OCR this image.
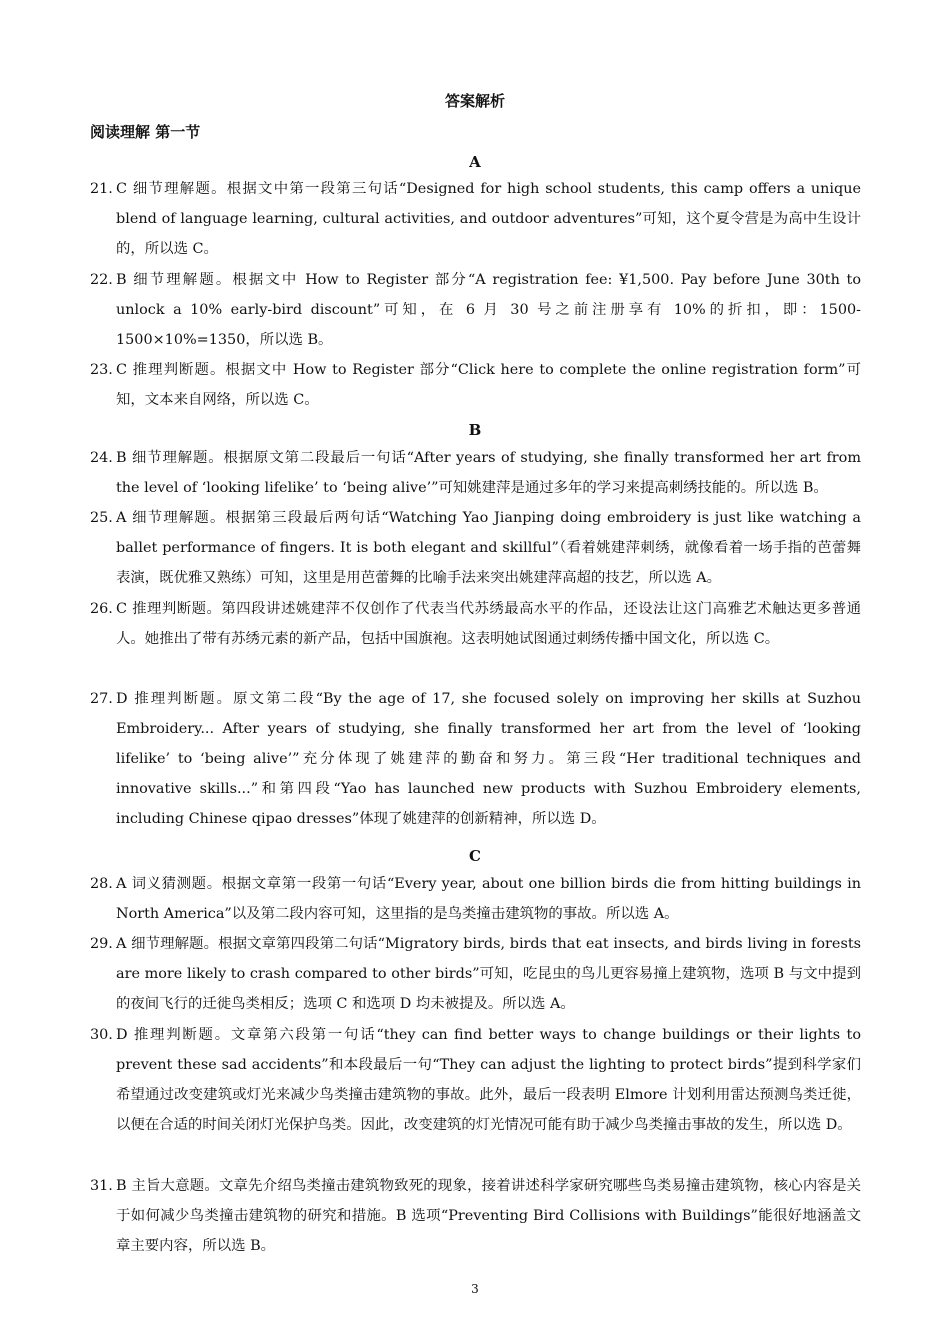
答案解析
阅读理解 第一节
A
21. C 细节理解题。根据文中第一段第三句话“Designed for high school students, this camp offers a unique blend of language learning, cultural activities, and outdoor adventures”可知，这个夏令营是为高中生设计的，所以选 C。
22. B 细节理解题。根据文中 How to Register 部分“A registration fee: ¥1,500. Pay before June 30th to unlock a 10% early-bird discount”可知，在 6 月 30 号之前注册享有 10%的折扣，即：1500-1500×10%=1350，所以选 B。
23. C 推理判断题。根据文中 How to Register 部分“Click here to complete the online registration form”可知，文本来自网络，所以选 C。
B
24. B 细节理解题。根据原文第二段最后一句话“After years of studying, she finally transformed her art from the level of ‘looking lifelike’ to ‘being alive’”可知姚建萍是通过多年的学习来提高刺绣技能的。所以选 B。
25. A 细节理解题。根据第三段最后两句话“Watching Yao Jianping doing embroidery is just like watching a ballet performance of fingers. It is both elegant and skillful”（看着姚建萍刺绣，就像看着一场手指的芭蕾舞表演，既优雅又熟练）可知，这里是用芭蕾舞的比喻手法来突出姚建萍高超的技艺，所以选 A。
26. C 推理判断题。第四段讲述姚建萍不仅创作了代表当代苏绣最高水平的作品，还设法让这门高雅艺术触达更多普通人。她推出了带有苏绣元素的新产品，包括中国旗袍。这表明她试图通过刺绣传播中国文化，所以选 C。
27. D 推理判断题。原文第二段“By the age of 17, she focused solely on improving her skills at Suzhou Embroidery... After years of studying, she finally transformed her art from the level of ‘looking lifelike’ to ‘being alive’”充分体现了姚建萍的勤奋和努力。第三段“Her traditional techniques and innovative skills...”和第四段“Yao has launched new products with Suzhou Embroidery elements, including Chinese qipao dresses”体现了姚建萍的创新精神，所以选 D。
C
28. A 词义猜测题。根据文章第一段第一句话“Every year, about one billion birds die from hitting buildings in North America”以及第二段内容可知，这里指的是鸟类撞击建筑物的事故。所以选 A。
29. A 细节理解题。根据文章第四段第二句话“Migratory birds, birds that eat insects, and birds living in forests are more likely to crash compared to other birds”可知，吃昆虫的鸟儿更容易撞上建筑物，选项 B 与文中提到的夜间飞行的迁徙鸟类相反；选项 C 和选项 D 均未被提及。所以选 A。
30. D 推理判断题。文章第六段第一句话“they can find better ways to change buildings or their lights to prevent these sad accidents”和本段最后一句“They can adjust the lighting to protect birds”提到科学家们希望通过改变建筑或灯光来减少鸟类撞击建筑物的事故。此外，最后一段表明 Elmore 计划利用雷达预测鸟类迁徙，以便在合适的时间关闭灯光保护鸟类。因此，改变建筑的灯光情况可能有助于减少鸟类撞击事故的发生，所以选 D。
31. B 主旨大意题。文章先介绍鸟类撞击建筑物致死的现象，接着讲述科学家研究哪些鸟类易撞击建筑物，核心内容是关于如何减少鸟类撞击建筑物的研究和措施。B 选项“Preventing Bird Collisions with Buildings”能很好地涵盖文章主要内容，所以选 B。
3
